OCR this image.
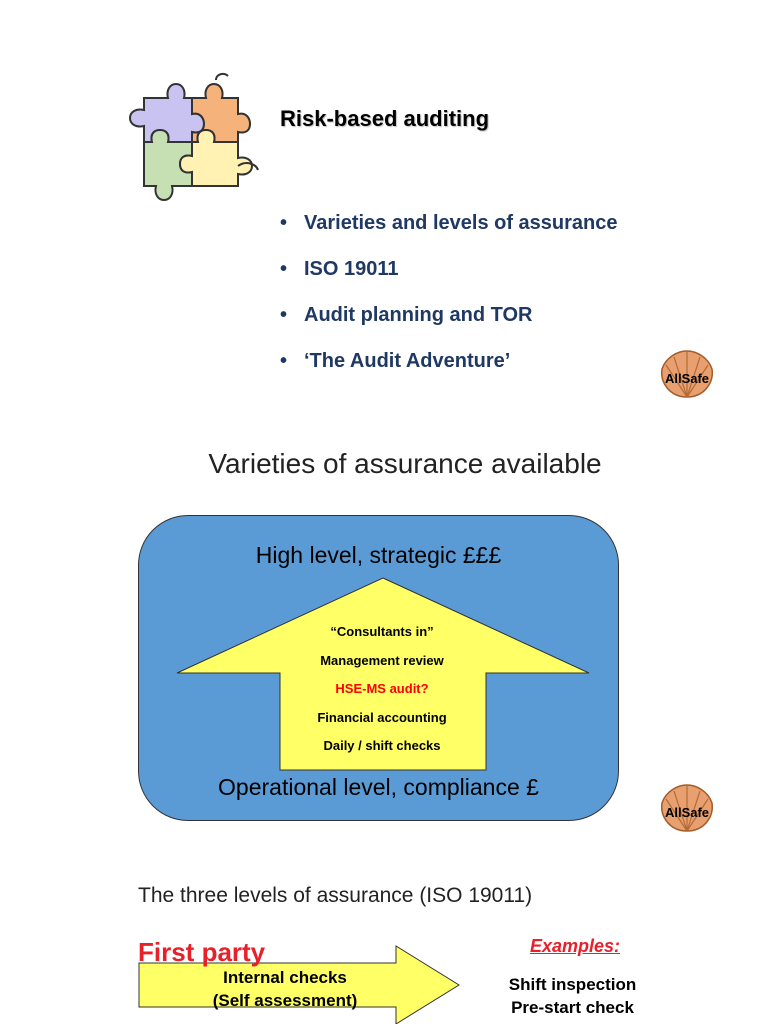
Risk-based auditing
• Varieties and levels of assurance
• ISO 19011
• Audit planning and TOR
• ‘The Audit Adventure’
AllSafe
Varieties of assurance available
High level, strategic £££
Operational level, compliance £
“Consultants in”
Management review
HSE-MS audit?
Financial accounting
Daily / shift checks
AllSafe
The three levels of assurance (ISO 19011)
First party
Internal checks
(Self assessment)
Examples:
Shift inspection
Pre-start check
